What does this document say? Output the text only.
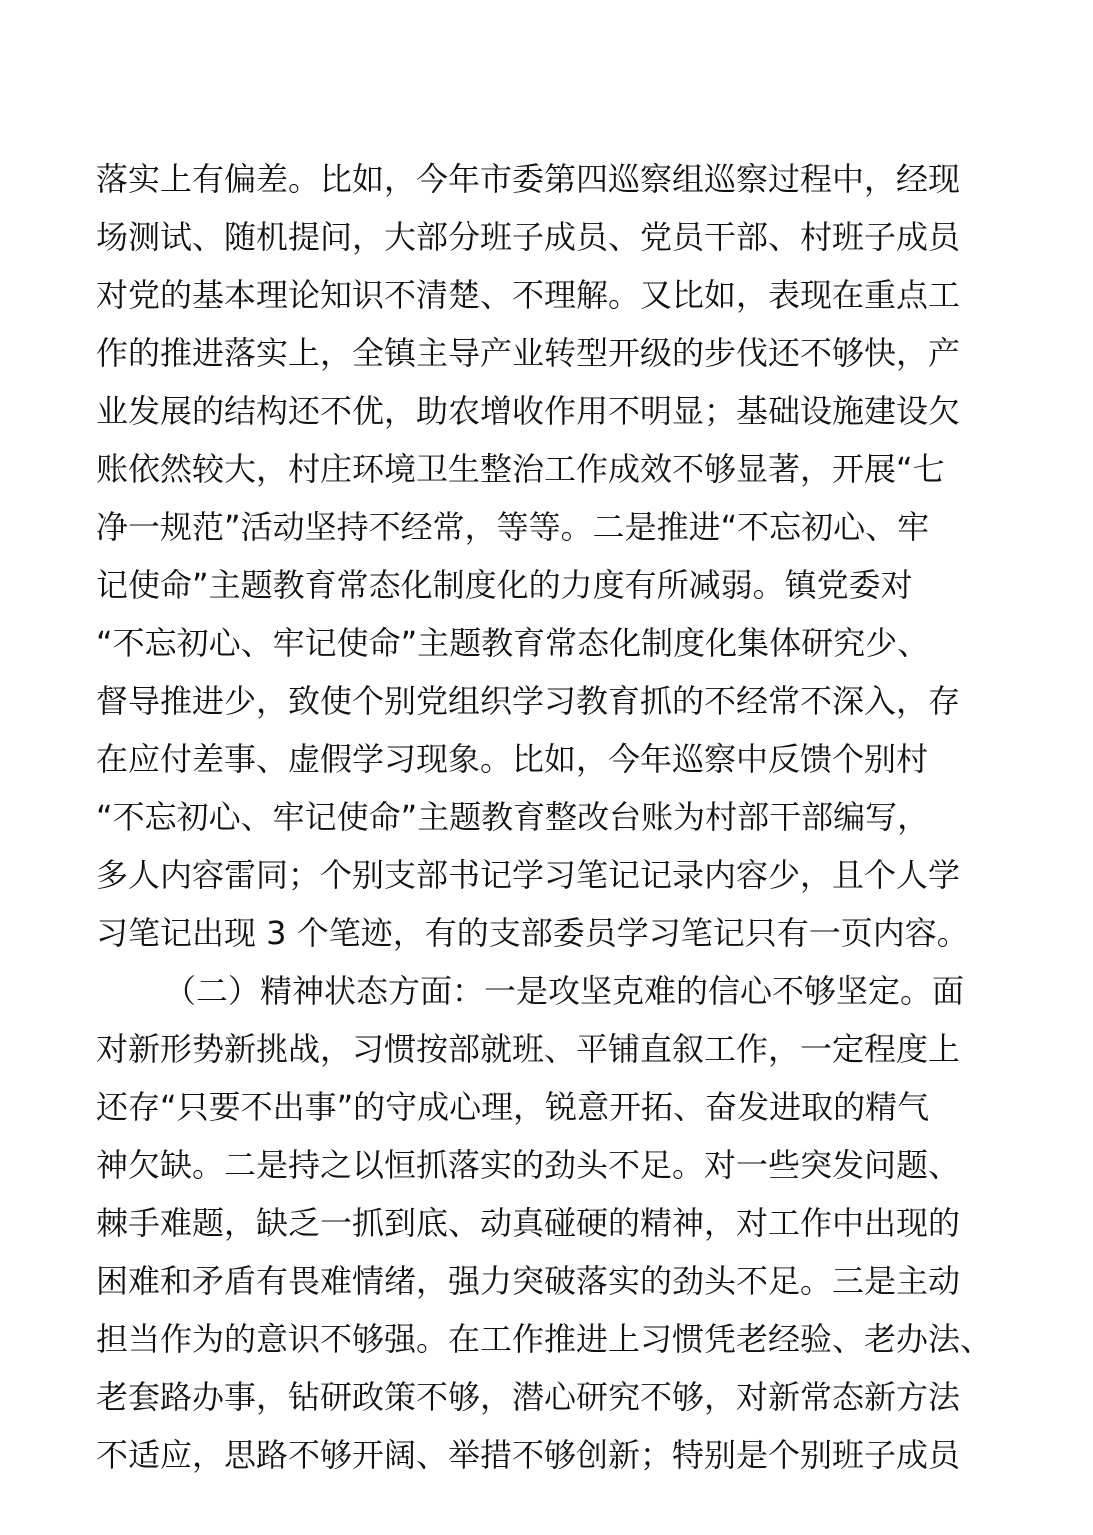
落实上有偏差。比如，今年市委第四巡察组巡察过程中，经现
场测试、随机提问，大部分班子成员、党员干部、村班子成员
对党的基本理论知识不清楚、不理解。又比如，表现在重点工
作的推进落实上，全镇主导产业转型开级的步伐还不够快，产
业发展的结构还不优，助农增收作用不明显；基础设施建设欠
账依然较大，村庄环境卫生整治工作成效不够显著，开展“七
净一规范”活动坚持不经常，等等。二是推进“不忘初心、牢
记使命”主题教育常态化制度化的力度有所减弱。镇党委对
“不忘初心、牢记使命”主题教育常态化制度化集体研究少、
督导推进少，致使个别党组织学习教育抓的不经常不深入，存
在应付差事、虚假学习现象。比如，今年巡察中反馈个别村
“不忘初心、牢记使命”主题教育整改台账为村部干部编写，
多人内容雷同；个别支部书记学习笔记记录内容少，且个人学
习笔记出现 3 个笔迹，有的支部委员学习笔记只有一页内容。
（二）精神状态方面：一是攻坚克难的信心不够坚定。面
对新形势新挑战，习惯按部就班、平铺直叙工作，一定程度上
还存“只要不出事”的守成心理，锐意开拓、奋发进取的精气
神欠缺。二是持之以恒抓落实的劲头不足。对一些突发问题、
棘手难题，缺乏一抓到底、动真碰硬的精神，对工作中出现的
困难和矛盾有畏难情绪，强力突破落实的劲头不足。三是主动
担当作为的意识不够强。在工作推进上习惯凭老经验、老办法、
老套路办事，钻研政策不够，潜心研究不够，对新常态新方法
不适应，思路不够开阔、举措不够创新；特别是个别班子成员
